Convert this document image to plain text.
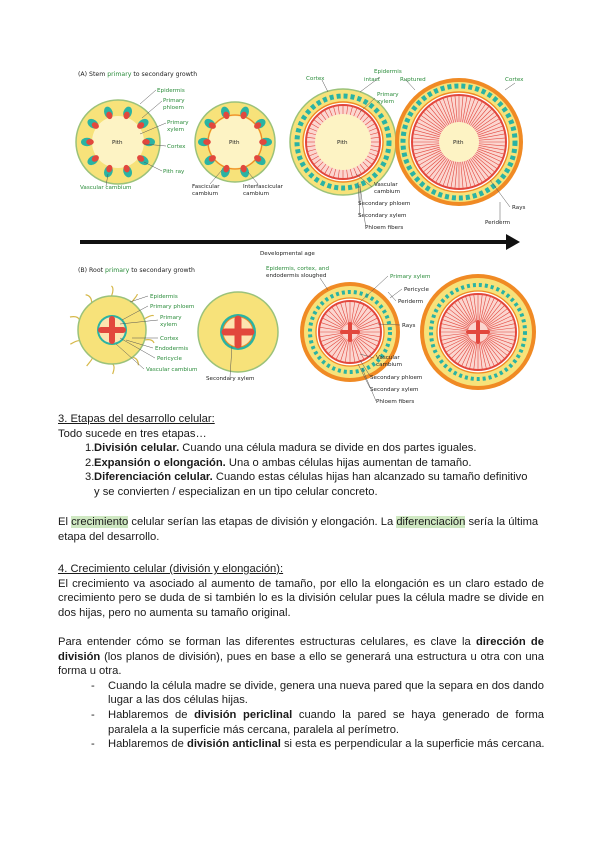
(A) Stem primary to secondary growth
Pith	Pith	Pith	Pith
Epidermis
Primary
phloem
Primary
xylem
Cortex
Pith ray
Vascular cambium	Fascicular
cambium
Interfascicular
cambium
Cortex
Epidermis
intact	Ruptured	Cortex
Primary
xylem
Vascular
cambium
Secondary phloem
Secondary xylem
Phloem fibers
Rays
Periderm
Developmental age
(B) Root primary to secondary growth
Epidermis
Primary phloem
Primary
xylem
Cortex
Endodermis
Pericycle
Vascular cambium
Secondary xylem
Epidermis, cortex, and
endodermis sloughed	Primary xylem
Pericycle
Periderm
Rays
Vascular
cambium
Secondary phloem
Secondary xylem
Phloem fibers
3. Etapas del desarrollo celular:
Todo sucede en tres etapas…
1. División celular. Cuando una célula madura se divide en dos partes iguales.
2. Expansión o elongación. Una o ambas células hijas aumentan de tamaño.
3. Diferenciación celular. Cuando estas células hijas han alcanzado su tamaño definitivo
y se convierten / especializan en un tipo celular concreto.
El crecimiento celular serían las etapas de división y elongación. La diferenciación sería la última
etapa del desarrollo.
4. Crecimiento celular (división y elongación):
El crecimiento va asociado al aumento de tamaño, por ello la elongación es un claro estado de
crecimiento pero se duda de si también lo es la división celular pues la célula madre se divide en
dos hijas, pero no aumenta su tamaño original.
Para entender cómo se forman las diferentes estructuras celulares, es clave la dirección de
división (los planos de división), pues en base a ello se generará una estructura u otra con una
forma u otra.
- Cuando la célula madre se divide, genera una nueva pared que la separa en dos dando
lugar a las dos células hijas.
- Hablaremos de división periclinal cuando la pared se haya generado de forma
paralela a la superficie más cercana, paralela al perímetro.
- Hablaremos de división anticlinal si esta es perpendicular a la superficie más cercana.
